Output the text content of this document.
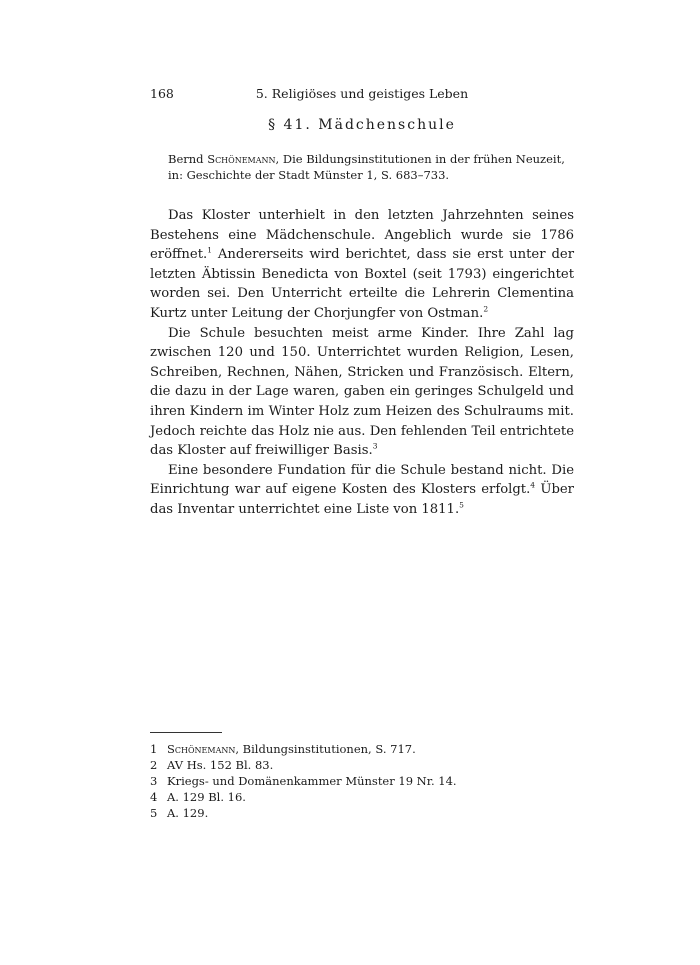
168	5. Religiöses und geistiges Leben
§ 41. Mädchenschule
Bernd Schönemann, Die Bildungsinstitutionen in der frühen Neuzeit, in: Geschichte der Stadt Münster 1, S. 683–733.

Das Kloster unterhielt in den letzten Jahrzehnten seines Bestehens eine Mädchenschule. Angeblich wurde sie 1786 eröffnet.$^1$ Andererseits wird berichtet, dass sie erst unter der letzten Äbtissin Benedicta von Boxtel (seit 1793) eingerichtet worden sei. Den Unterricht erteilte die Lehrerin Clementina Kurtz unter Leitung der Chorjungfer von Ostman.$^2$

Die Schule besuchten meist arme Kinder. Ihre Zahl lag zwischen 120 und 150. Unterrichtet wurden Religion, Lesen, Schreiben, Rechnen, Nähen, Stricken und Französisch. Eltern, die dazu in der Lage waren, gaben ein geringes Schulgeld und ihren Kindern im Winter Holz zum Heizen des Schulraums mit. Jedoch reichte das Holz nie aus. Den fehlenden Teil entrichtete das Kloster auf freiwilliger Basis.$^3$

Eine besondere Fundation für die Schule bestand nicht. Die Einrichtung war auf eigene Kosten des Klosters erfolgt.$^4$ Über das Inventar unterrichtet eine Liste von 1811.$^5$

1 Schönemann, Bildungsinstitutionen, S. 717.
2 AV Hs. 152 Bl. 83.
3 Kriegs- und Domänenkammer Münster 19 Nr. 14.
4 A. 129 Bl. 16.
5 A. 129.
